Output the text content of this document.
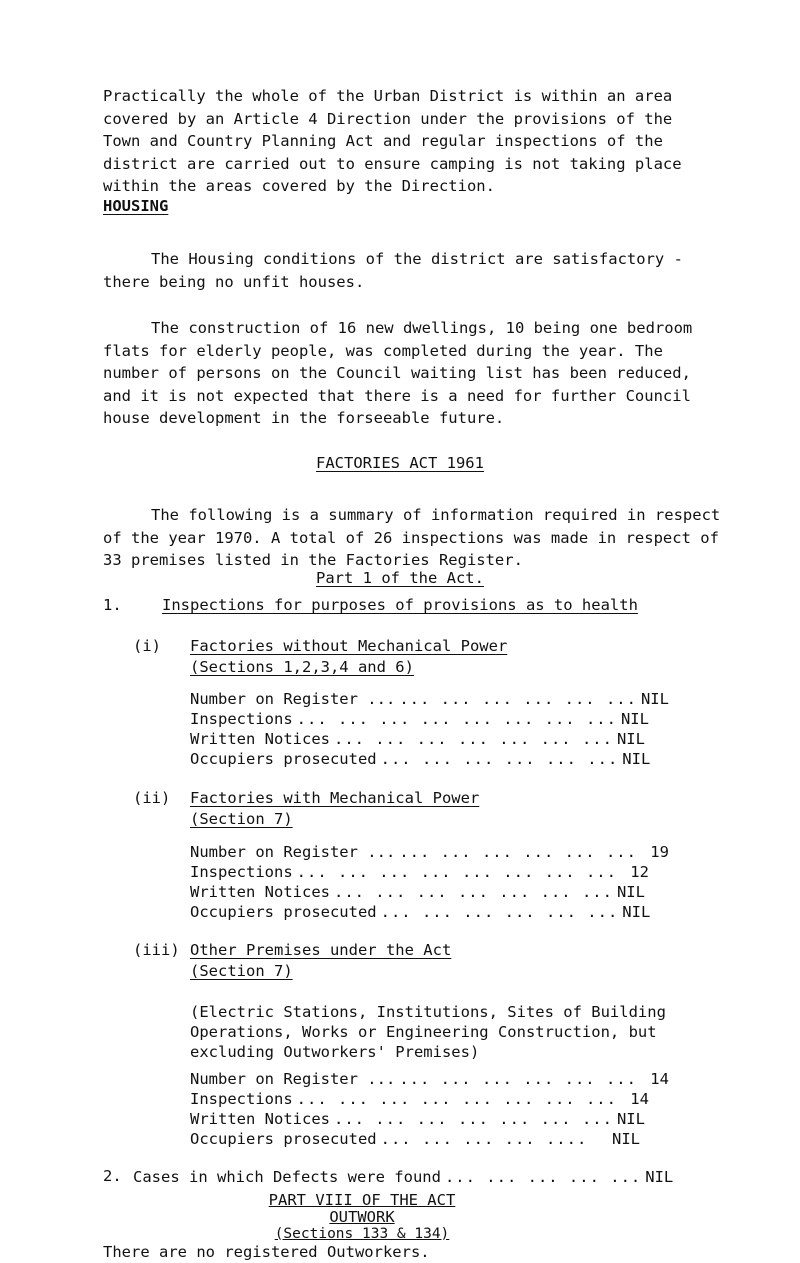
Practically the whole of the Urban District is within an area covered by an Article 4 Direction under the provisions of the Town and Country Planning Act and regular inspections of the district are carried out to ensure camping is not taking place within the areas covered by the Direction.
HOUSING
The Housing conditions of the district are satisfactory - there being no unfit houses.
The construction of 16 new dwellings, 10 being one bedroom flats for elderly people, was completed during the year. The number of persons on the Council waiting list has been reduced, and it is not expected that there is a need for further Council house development in the forseeable future.
FACTORIES ACT 1961
The following is a summary of information required in respect of the year 1970. A total of 26 inspections was made in respect of 33 premises listed in the Factories Register.
Part 1 of the Act.
1.	Inspections for purposes of provisions as to health
(i) Factories without Mechanical Power
(Sections 1,2,3,4 and 6)
Number on Register ... ... ... ... ... ... ... NIL
Inspections ... ... ... ... ... ... ... ... NIL
Written Notices ... ... ... ... ... ... ... NIL
Occupiers prosecuted ... ... ... ... ... ... NIL
(ii) Factories with Mechanical Power
(Section 7)
Number on Register ... ... ... ... ... ... ... 19
Inspections ... ... ... ... ... ... ... ... 12
Written Notices ... ... ... ... ... ... ... NIL
Occupiers prosecuted ... ... ... ... ... ... NIL
(iii) Other Premises under the Act
(Section 7)
(Electric Stations, Institutions, Sites of Building Operations, Works or Engineering Construction, but excluding Outworkers' Premises)
Number on Register ... ... ... ... ... ... ... 14
Inspections ... ... ... ... ... ... ... ... 14
Written Notices ... ... ... ... ... ... ... NIL
Occupiers prosecuted ... ... ... ... ....	NIL
2. Cases in which Defects were found ... ... ... ... ... NIL
PART VIII OF THE ACT
OUTWORK
(Sections 133 & 134)
There are no registered Outworkers.
